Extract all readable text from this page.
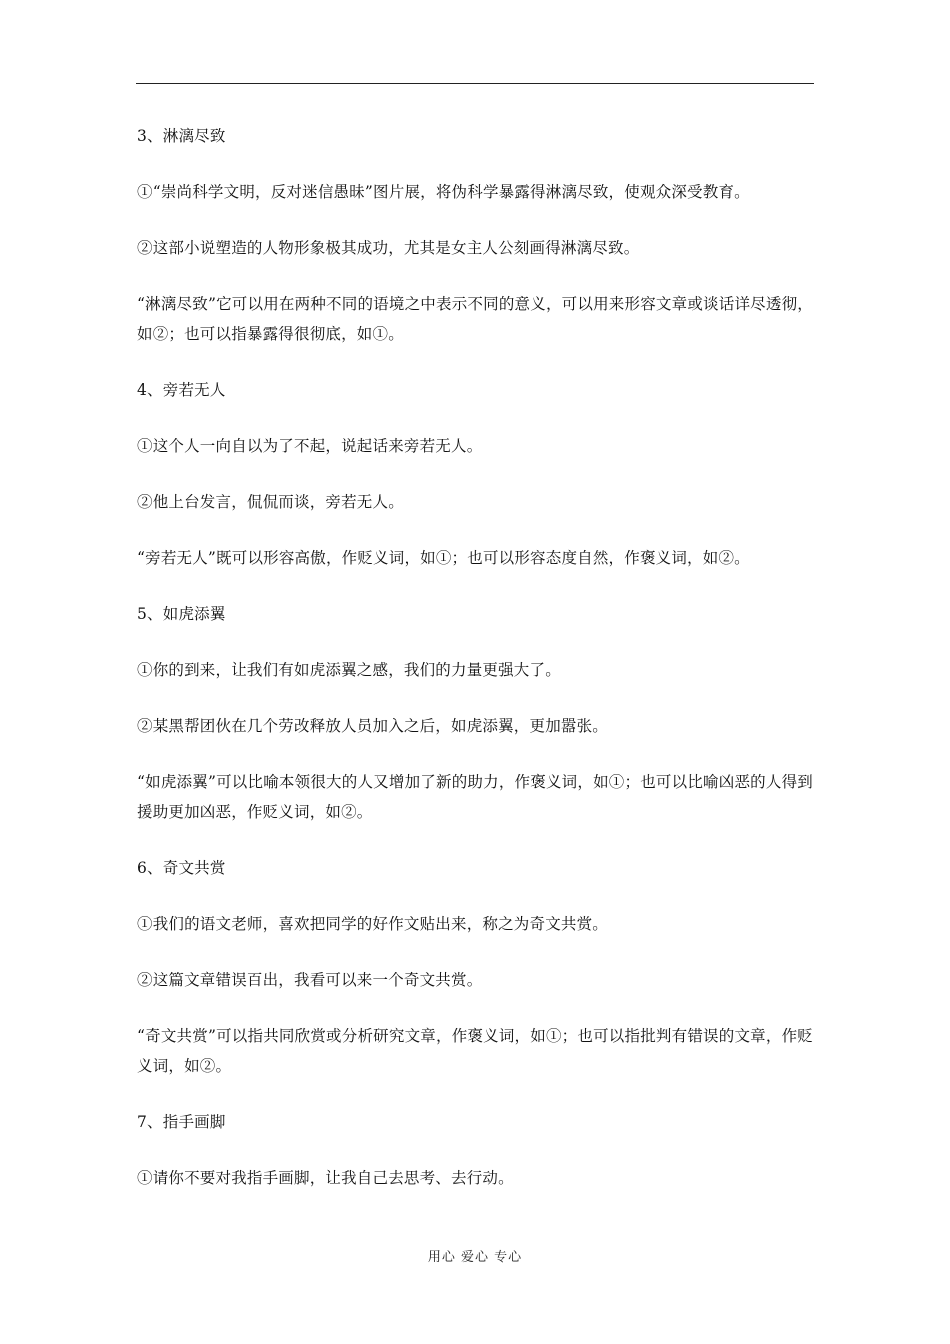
3、淋漓尽致

①“崇尚科学文明，反对迷信愚昧”图片展，将伪科学暴露得淋漓尽致，使观众深受教育。

②这部小说塑造的人物形象极其成功，尤其是女主人公刻画得淋漓尽致。

“淋漓尽致”它可以用在两种不同的语境之中表示不同的意义，可以用来形容文章或谈话详尽透彻，如②；也可以指暴露得很彻底，如①。

4、旁若无人

①这个人一向自以为了不起，说起话来旁若无人。

②他上台发言，侃侃而谈，旁若无人。

“旁若无人”既可以形容高傲，作贬义词，如①；也可以形容态度自然，作褒义词，如②。

5、如虎添翼

①你的到来，让我们有如虎添翼之感，我们的力量更强大了。

②某黑帮团伙在几个劳改释放人员加入之后，如虎添翼，更加嚣张。

“如虎添翼”可以比喻本领很大的人又增加了新的助力，作褒义词，如①；也可以比喻凶恶的人得到援助更加凶恶，作贬义词，如②。

6、奇文共赏

①我们的语文老师，喜欢把同学的好作文贴出来，称之为奇文共赏。

②这篇文章错误百出，我看可以来一个奇文共赏。

“奇文共赏”可以指共同欣赏或分析研究文章，作褒义词，如①；也可以指批判有错误的文章，作贬义词，如②。

7、指手画脚

①请你不要对我指手画脚，让我自己去思考、去行动。

用心 爱心 专心
